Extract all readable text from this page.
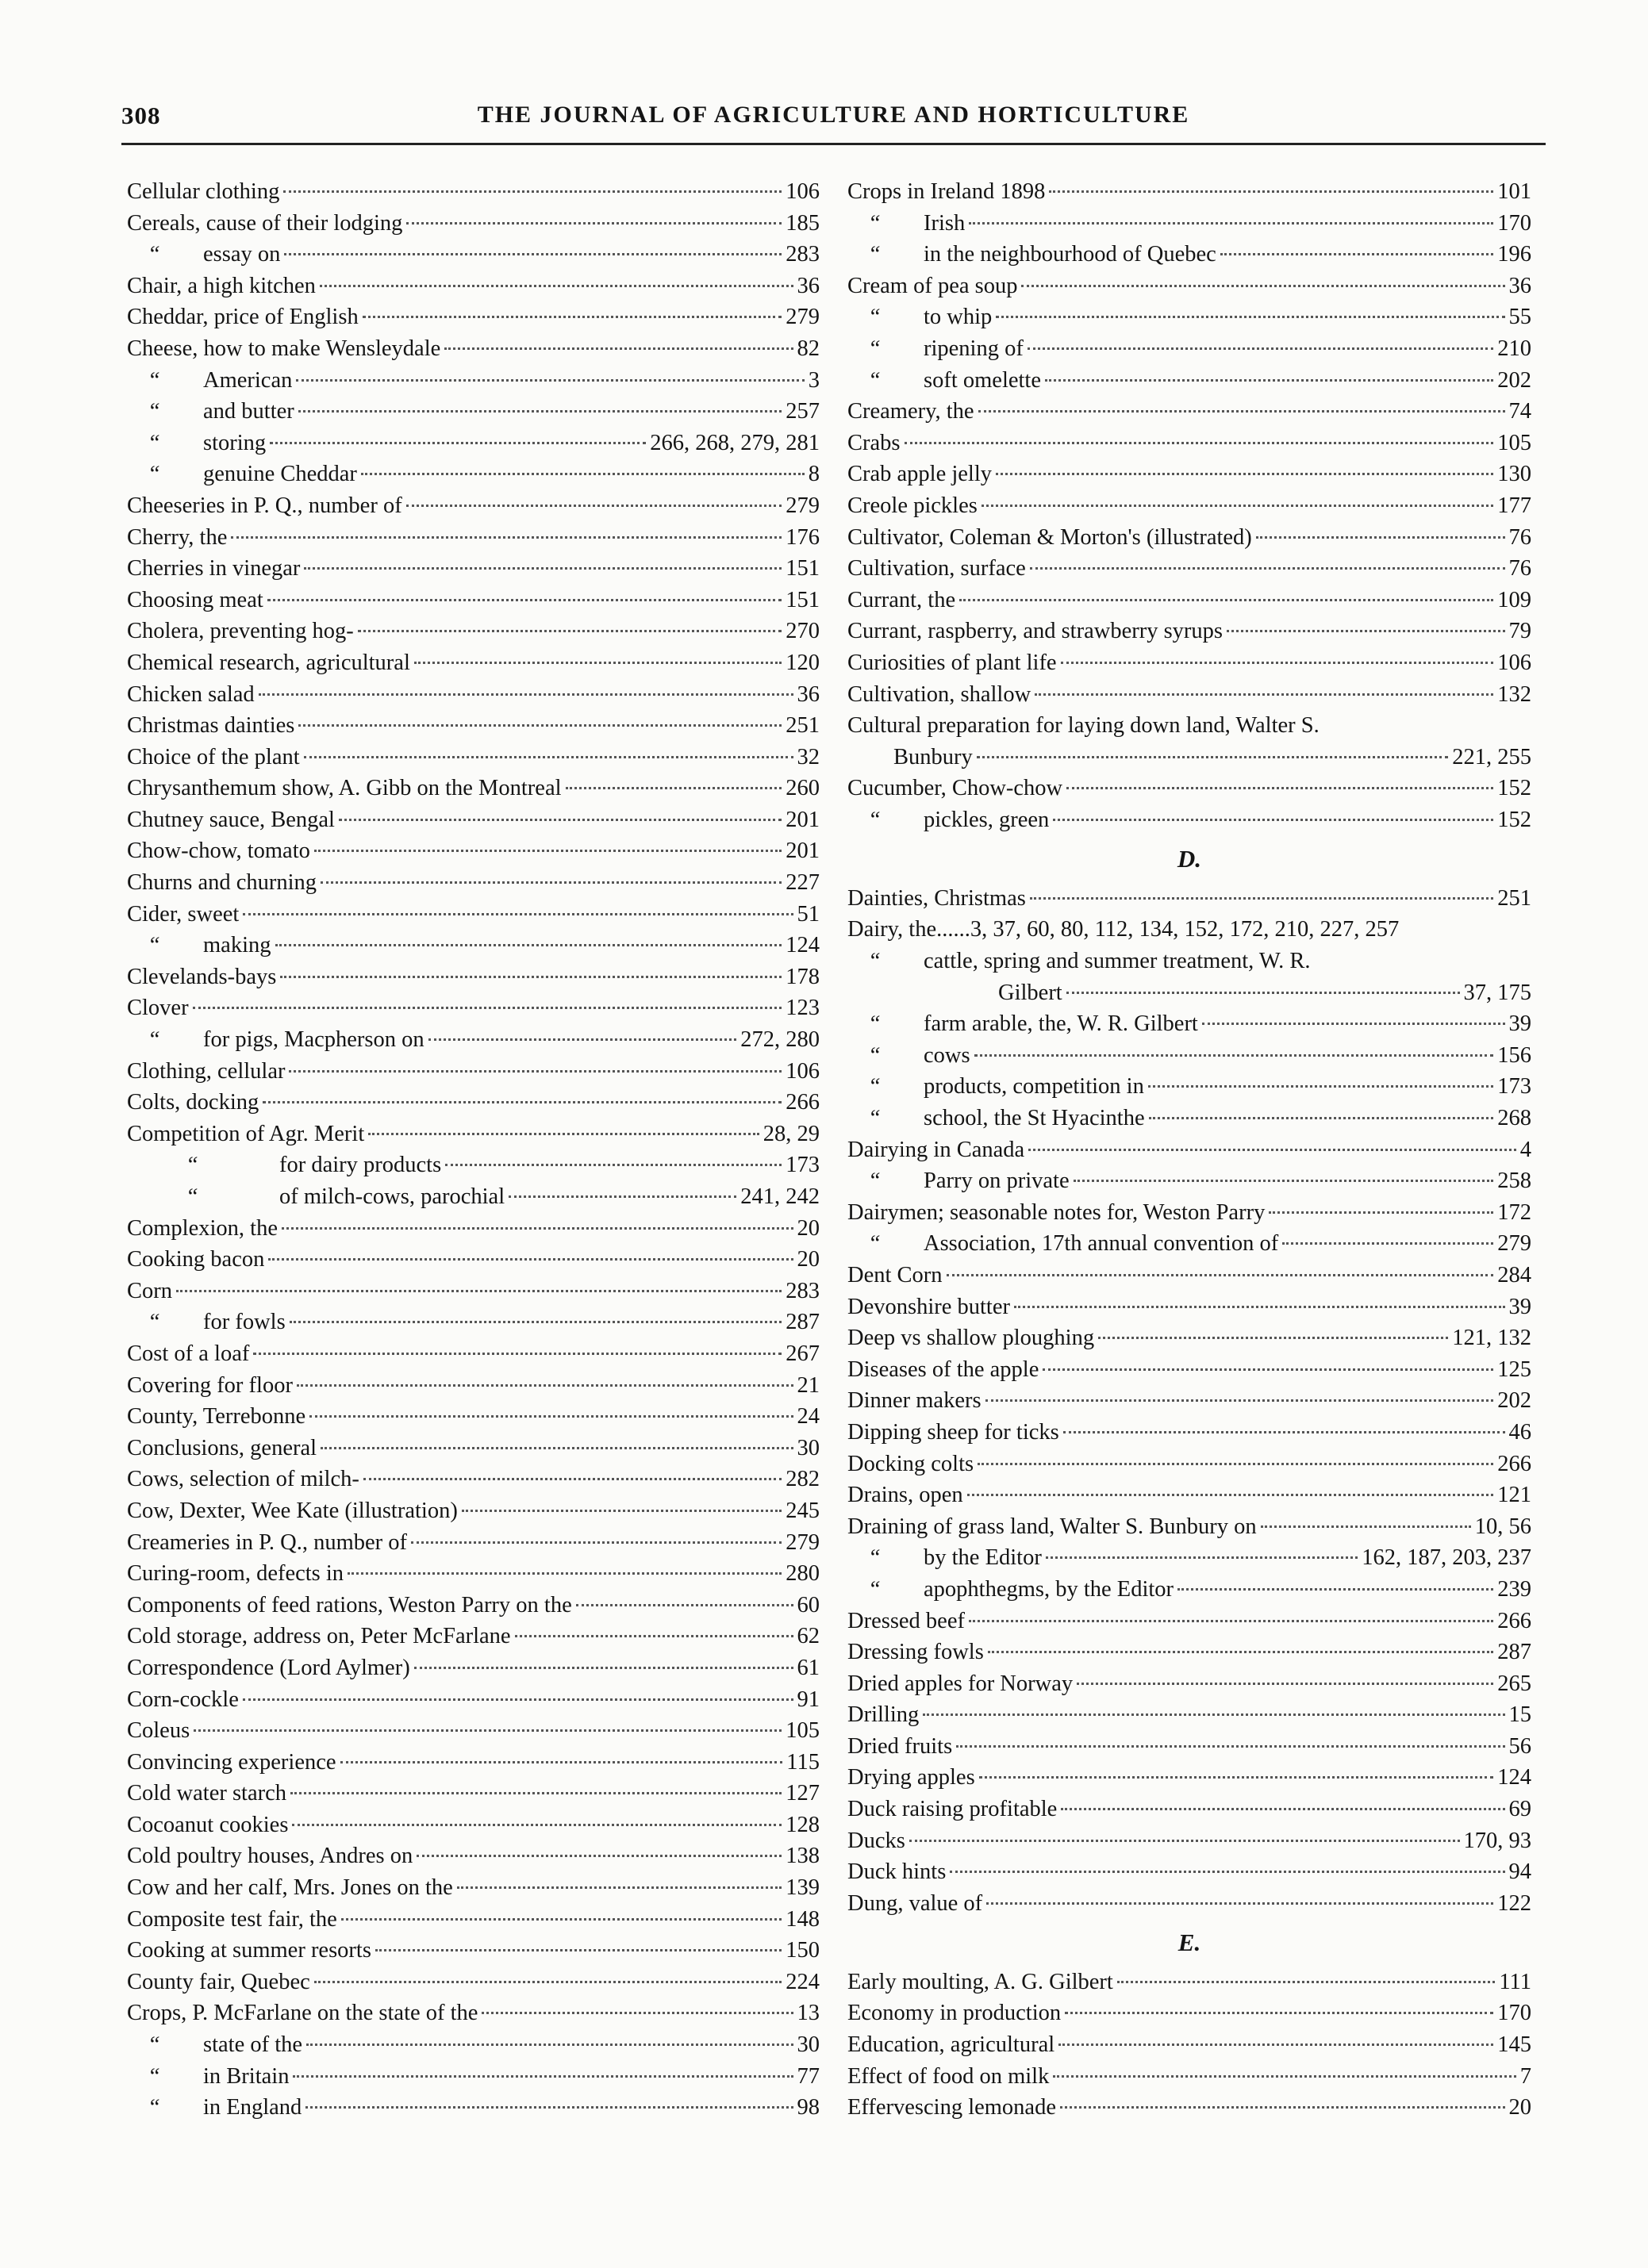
308	THE JOURNAL OF AGRICULTURE AND HORTICULTURE
Cellular clothing	106
Cereals, cause of their lodging	185
“	essay on	283
Chair, a high kitchen	36
Cheddar, price of English	279
Cheese, how to make Wensleydale	82
“	American	3
“	and butter	257
“	storing	266, 268, 279, 281
“	genuine Cheddar	8
Cheeseries in P. Q., number of	279
Cherry, the	176
Cherries in vinegar	151
Choosing meat	151
Cholera, preventing hog-	270
Chemical research, agricultural	120
Chicken salad	36
Christmas dainties	251
Choice of the plant	32
Chrysanthemum show, A. Gibb on the Montreal	260
Chutney sauce, Bengal	201
Chow-chow, tomato	201
Churns and churning	227
Cider, sweet	51
“	making	124
Clevelands-bays	178
Clover	123
“	for pigs, Macpherson on	272, 280
Clothing, cellular	106
Colts, docking	266
Competition of Agr. Merit	28, 29
“	for dairy products	173
“	of milch-cows, parochial	241, 242
Complexion, the	20
Cooking bacon	20
Corn	283
“	for fowls	287
Cost of a loaf	267
Covering for floor	21
County, Terrebonne	24
Conclusions, general	30
Cows, selection of milch-	282
Cow, Dexter, Wee Kate (illustration)	245
Creameries in P. Q., number of	279
Curing-room, defects in	280
Components of feed rations, Weston Parry on the	60
Cold storage, address on, Peter McFarlane	62
Correspondence (Lord Aylmer)	61
Corn-cockle	91
Coleus	105
Convincing experience	115
Cold water starch	127
Cocoanut cookies	128
Cold poultry houses, Andres on	138
Cow and her calf, Mrs. Jones on the	139
Composite test fair, the	148
Cooking at summer resorts	150
County fair, Quebec	224
Crops, P. McFarlane on the state of the	13
“	state of the	30
“	in Britain	77
“	in England	98
Crops in Ireland 1898	101
“	Irish	170
“	in the neighbourhood of Quebec	196
Cream of pea soup	36
“	to whip	55
“	ripening of	210
“	soft omelette	202
Creamery, the	74
Crabs	105
Crab apple jelly	130
Creole pickles	177
Cultivator, Coleman & Morton's (illustrated)	76
Cultivation, surface	76
Currant, the	109
Currant, raspberry, and strawberry syrups	79
Curiosities of plant life	106
Cultivation, shallow	132
Cultural preparation for laying down land, Walter S.
Bunbury	221, 255
Cucumber, Chow-chow	152
“	pickles, green	152
D.
Dainties, Christmas	251
Dairy, the......3, 37, 60, 80, 112, 134, 152, 172, 210, 227, 257
“	cattle, spring and summer treatment, W. R.
Gilbert	37, 175
“	farm arable, the, W. R. Gilbert	39
“	cows	156
“	products, competition in	173
“	school, the St Hyacinthe	268
Dairying in Canada	4
“	Parry on private	258
Dairymen; seasonable notes for, Weston Parry	172
“	Association, 17th annual convention of	279
Dent Corn	284
Devonshire butter	39
Deep vs shallow ploughing	121, 132
Diseases of the apple	125
Dinner makers	202
Dipping sheep for ticks	46
Docking colts	266
Drains, open	121
Draining of grass land, Walter S. Bunbury on	10, 56
“	by the Editor	162, 187, 203, 237
“	apophthegms, by the Editor	239
Dressed beef	266
Dressing fowls	287
Dried apples for Norway	265
Drilling	15
Dried fruits	56
Drying apples	124
Duck raising profitable	69
Ducks	170, 93
Duck hints	94
Dung, value of	122
E.
Early moulting, A. G. Gilbert	111
Economy in production	170
Education, agricultural	145
Effect of food on milk	7
Effervescing lemonade	20
